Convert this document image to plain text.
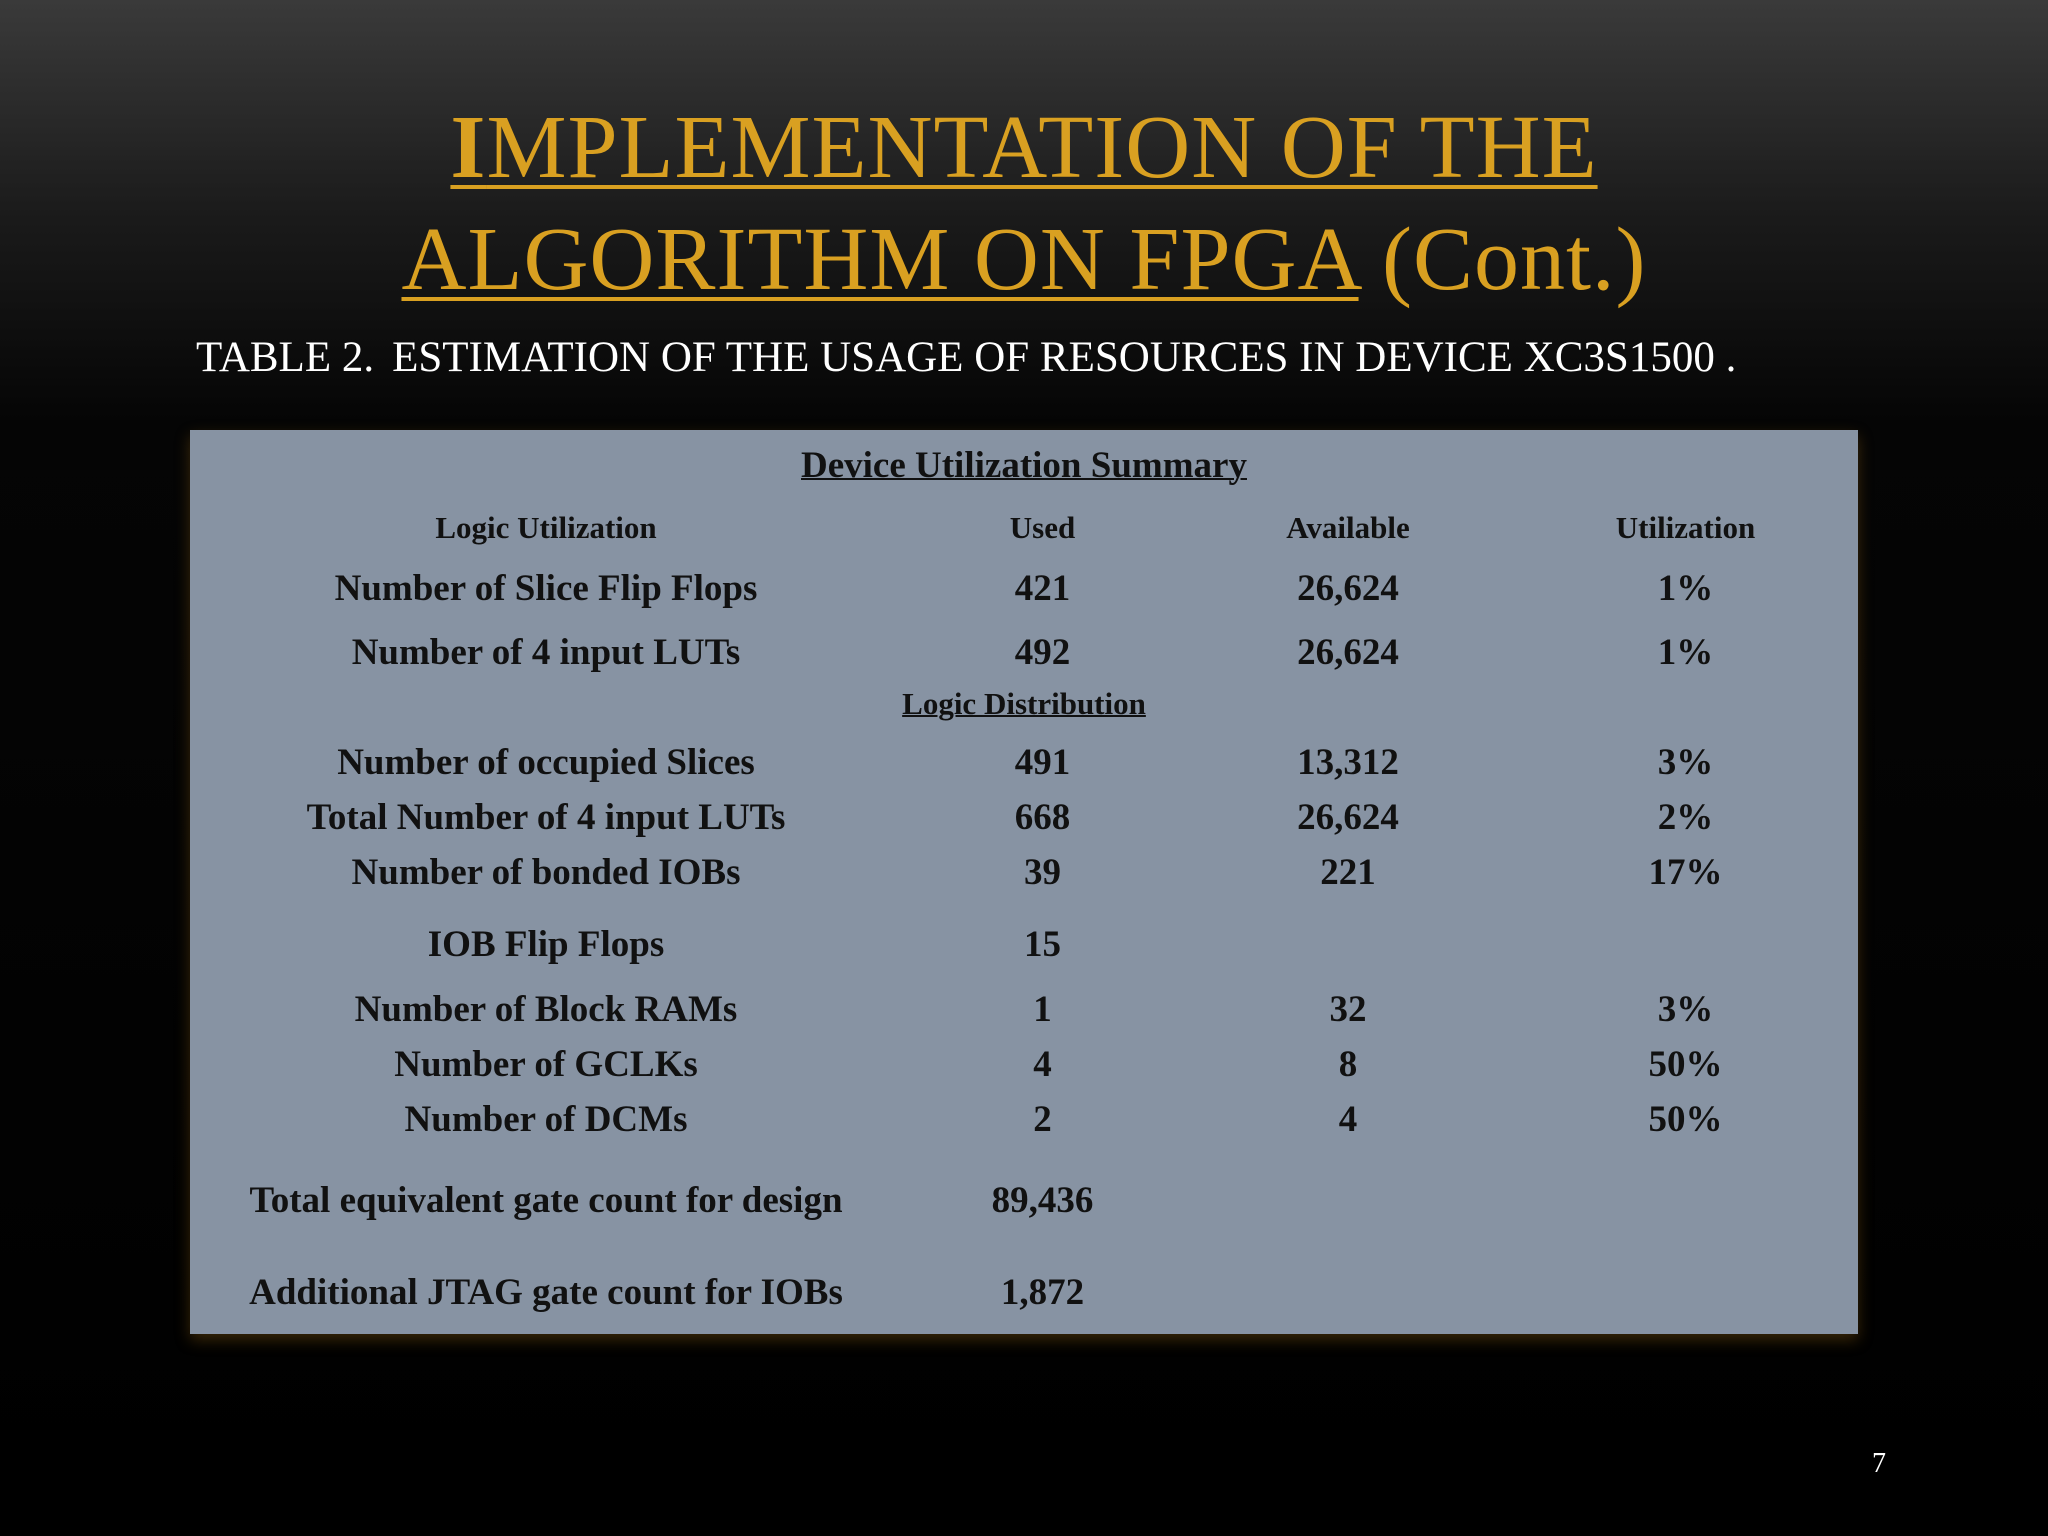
IMPLEMENTATION OF THE
ALGORITHM ON FPGA (Cont.)
TABLE 2. ESTIMATION OF THE USAGE OF RESOURCES IN DEVICE XC3S1500 .
Device Utilization Summary
Logic Utilization	Used	Available	Utilization
Number of Slice Flip Flops	421	26,624	1%
Number of 4 input LUTs	492	26,624	1%
Number of occupied Slices	491	13,312	3%
Total Number of 4 input LUTs	668	26,624	2%
Number of bonded IOBs	39	221	17%
IOB Flip Flops	15
Number of Block RAMs	1	32	3%
Number of GCLKs	4	8	50%
Number of DCMs	2	4	50%
Total equivalent gate count for design	89,436
Additional JTAG gate count for IOBs	1,872
Logic Distribution
7
